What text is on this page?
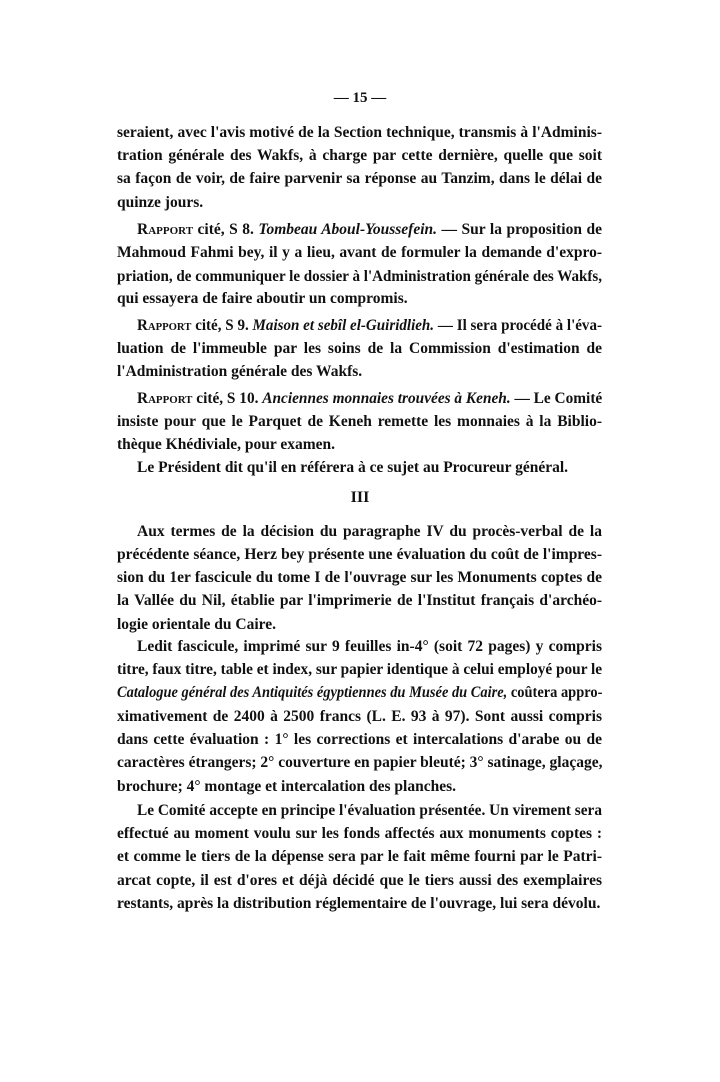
— 15 —
III
seraient, avec l'avis motivé de la Section technique, transmis à l'Adminis-
tration générale des Wakfs, à charge par cette dernière, quelle que soit
sa façon de voir, de faire parvenir sa réponse au Tanzim, dans le délai de
quinze jours.
Rapport cité, S 8. Tombeau Aboul-Youssefein. — Sur la proposition de
Mahmoud Fahmi bey, il y a lieu, avant de formuler la demande d'expro-
priation, de communiquer le dossier à l'Administration générale des Wakfs,
qui essayera de faire aboutir un compromis.
Rapport cité, S 9. Maison et sebîl el-Guiridlieh. — Il sera procédé à l'éva-
luation de l'immeuble par les soins de la Commission d'estimation de
l'Administration générale des Wakfs.
Rapport cité, S 10. Anciennes monnaies trouvées à Keneh. — Le Comité
insiste pour que le Parquet de Keneh remette les monnaies à la Biblio-
thèque Khédiviale, pour examen.
Le Président dit qu'il en référera à ce sujet au Procureur général.
Aux termes de la décision du paragraphe IV du procès-verbal de la
précédente séance, Herz bey présente une évaluation du coût de l'impres-
sion du 1er fascicule du tome I de l'ouvrage sur les Monuments coptes de
la Vallée du Nil, établie par l'imprimerie de l'Institut français d'archéo-
logie orientale du Caire.
Ledit fascicule, imprimé sur 9 feuilles in-4° (soit 72 pages) y compris
titre, faux titre, table et index, sur papier identique à celui employé pour le
Catalogue général des Antiquités égyptiennes du Musée du Caire, coûtera appro-
ximativement de 2400 à 2500 francs (L. E. 93 à 97). Sont aussi compris
dans cette évaluation : 1° les corrections et intercalations d'arabe ou de
caractères étrangers; 2° couverture en papier bleuté; 3° satinage, glaçage,
brochure; 4° montage et intercalation des planches.
Le Comité accepte en principe l'évaluation présentée. Un virement sera
effectué au moment voulu sur les fonds affectés aux monuments coptes :
et comme le tiers de la dépense sera par le fait même fourni par le Patri-
arcat copte, il est d'ores et déjà décidé que le tiers aussi des exemplaires
restants, après la distribution réglementaire de l'ouvrage, lui sera dévolu.
